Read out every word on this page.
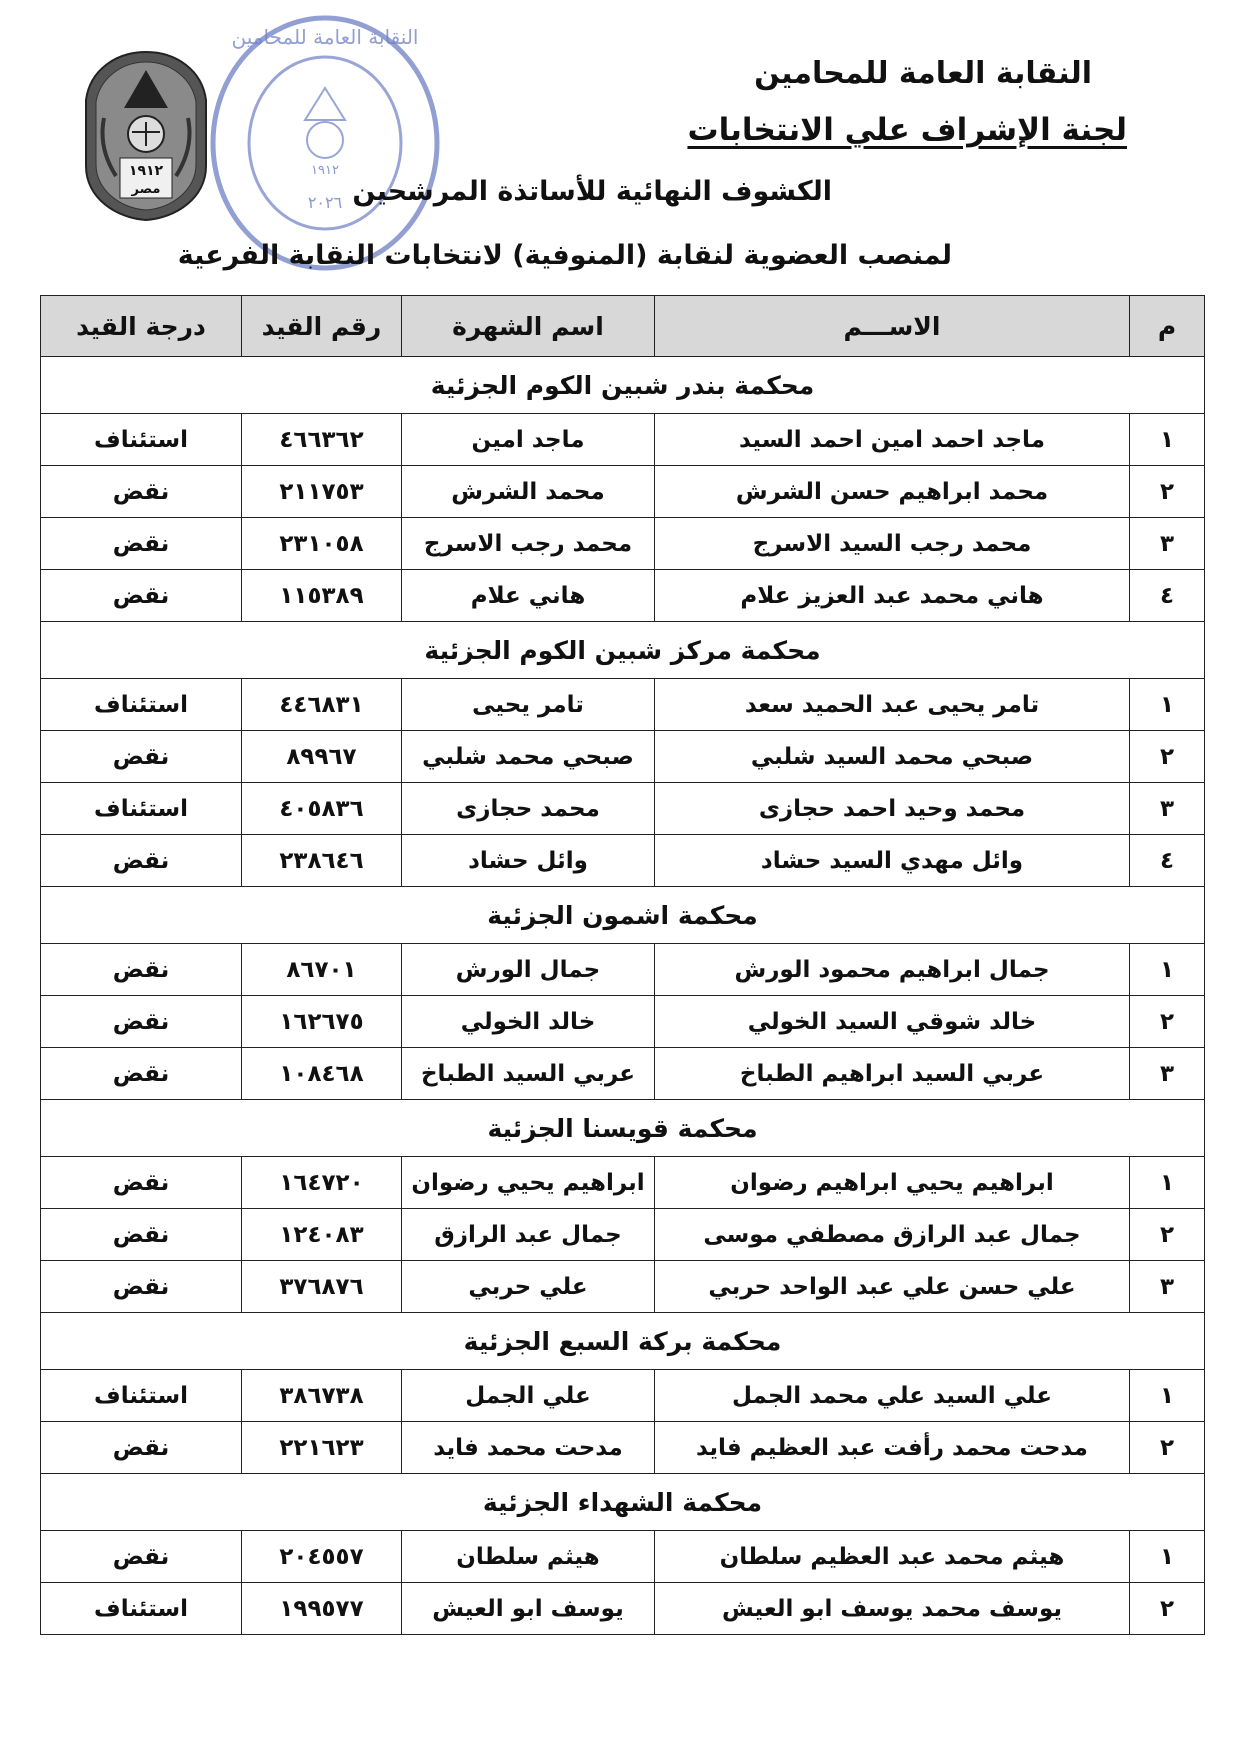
١٩١٢
مصر
١٩١٢
٢٠٢٦
النقابة العامة للمحامين
النقابة العامة للمحامين
لجنة الإشراف علي الانتخابات
الكشوف النهائية للأساتذة المرشحين
لمنصب العضوية لنقابة (المنوفية) لانتخابات النقابة الفرعية
م	الاســـم	اسم الشهرة	رقم القيد	درجة القيد
محكمة بندر شبين الكوم الجزئية				
١	ماجد احمد امين احمد السيد	ماجد امين	٤٦٦٣٦٢	استئناف
٢	محمد ابراهيم حسن الشرش	محمد الشرش	٢١١٧٥٣	نقض
٣	محمد رجب السيد الاسرج	محمد رجب الاسرج	٢٣١٠٥٨	نقض
٤	هاني محمد عبد العزيز علام	هاني علام	١١٥٣٨٩	نقض
محكمة مركز شبين الكوم الجزئية				
١	تامر يحيى عبد الحميد سعد	تامر يحيى	٤٤٦٨٣١	استئناف
٢	صبحي محمد السيد شلبي	صبحي محمد شلبي	٨٩٩٦٧	نقض
٣	محمد وحيد احمد حجازى	محمد حجازى	٤٠٥٨٣٦	استئناف
٤	وائل مهدي السيد حشاد	وائل حشاد	٢٣٨٦٤٦	نقض
محكمة اشمون الجزئية				
١	جمال ابراهيم محمود الورش	جمال الورش	٨٦٧٠١	نقض
٢	خالد شوقي السيد الخولي	خالد الخولي	١٦٢٦٧٥	نقض
٣	عربي السيد ابراهيم الطباخ	عربي السيد الطباخ	١٠٨٤٦٨	نقض
محكمة قويسنا الجزئية				
١	ابراهيم يحيي ابراهيم رضوان	ابراهيم يحيي رضوان	١٦٤٧٢٠	نقض
٢	جمال عبد الرازق مصطفي موسى	جمال عبد الرازق	١٢٤٠٨٣	نقض
٣	علي حسن علي عبد الواحد حربي	علي حربي	٣٧٦٨٧٦	نقض
محكمة بركة السبع الجزئية				
١	علي السيد علي محمد الجمل	علي الجمل	٣٨٦٧٣٨	استئناف
٢	مدحت محمد رأفت عبد العظيم فايد	مدحت محمد فايد	٢٢١٦٢٣	نقض
محكمة الشهداء الجزئية				
١	هيثم محمد عبد العظيم سلطان	هيثم سلطان	٢٠٤٥٥٧	نقض
٢	يوسف محمد يوسف ابو العيش	يوسف ابو العيش	١٩٩٥٧٧	استئناف
